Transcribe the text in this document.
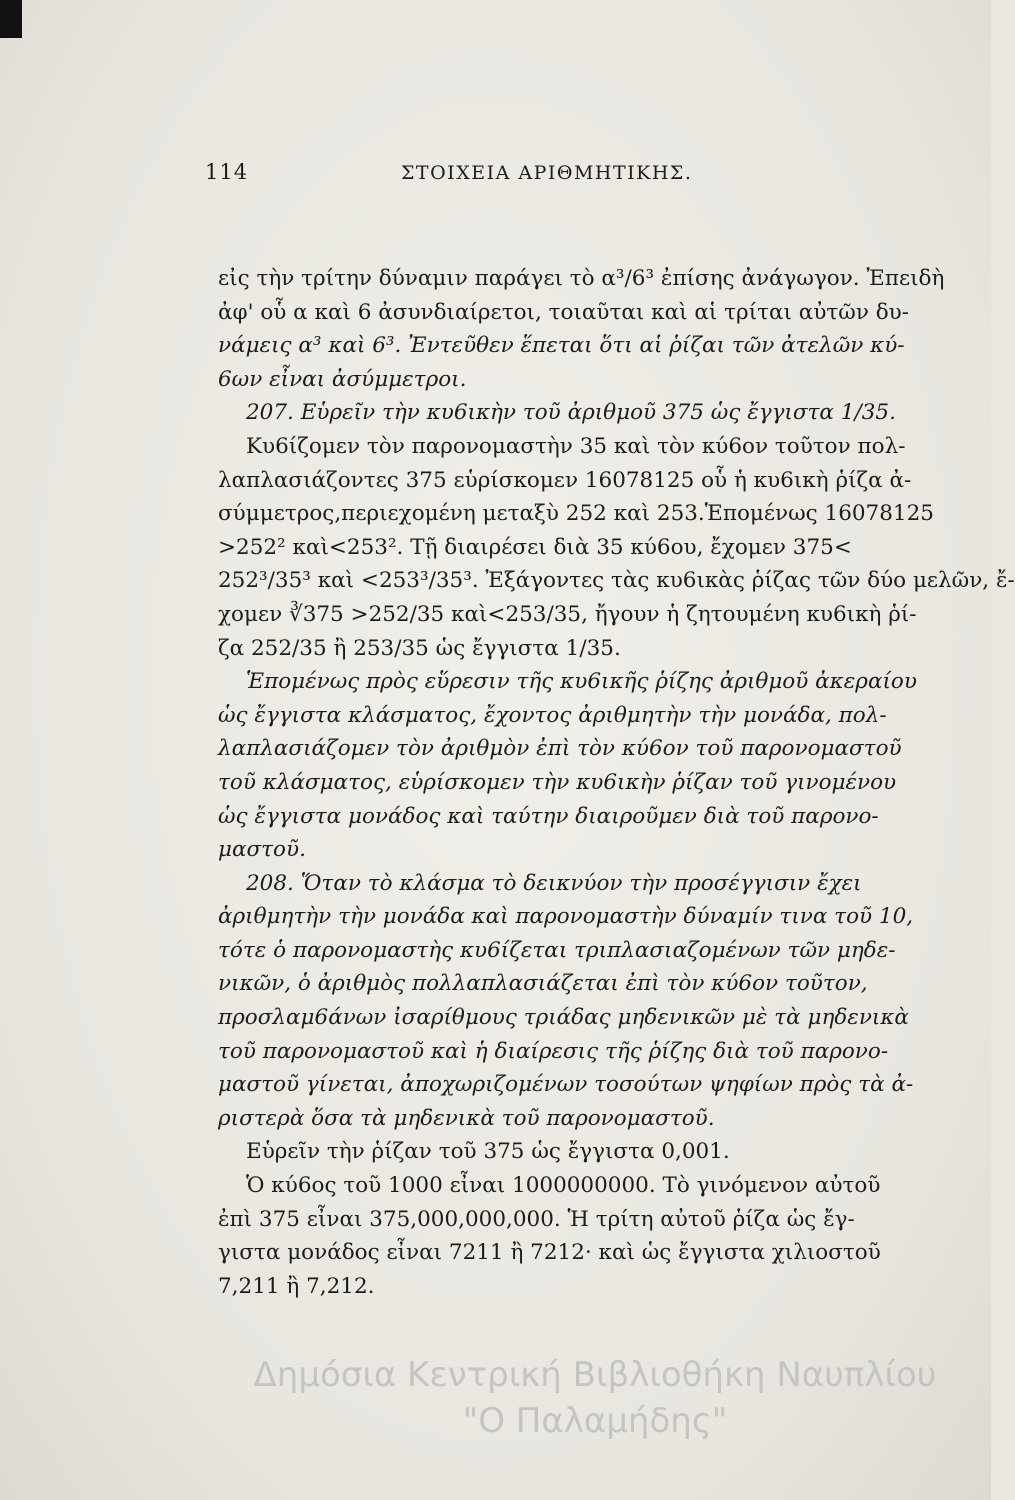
114	ΣΤΟΙΧΕΙΑ ΑΡΙΘΜΗΤΙΚΗΣ.
εἰς τὴν τρίτην δύναμιν παράγει τὸ α³/6³ ἐπίσης ἀνάγωγον. Ἐπειδὴ
ἀφ' οὗ α καὶ 6 ἀσυνδιαίρετοι, τοιαῦται καὶ αἱ τρίται αὐτῶν δυ-
νάμεις α³ καὶ 6³. Ἐντεῦθεν ἕπεται ὅτι αἱ ῥίζαι τῶν ἀτελῶν κύ-
6ων εἶναι ἀσύμμετροι.
207. Εὑρεῖν τὴν κυ6ικὴν τοῦ ἀριθμοῦ 375 ὡς ἔγγιστα 1/35.
Κυ6ίζομεν τὸν παρονομαστὴν 35 καὶ τὸν κύ6ον τοῦτον πολ-
λαπλασιάζοντες 375 εὑρίσκομεν 16078125 οὗ ἡ κυ6ικὴ ῥίζα ἀ-
σύμμετρος,περιεχομένη μεταξὺ 252 καὶ 253.Ἑπομένως 16078125
>252² καὶ<253². Τῇ διαιρέσει διὰ 35 κύ6ου, ἔχομεν 375<
252³/35³ καὶ <253³/35³. Ἐξάγοντες τὰς κυ6ικὰς ῥίζας τῶν δύο μελῶν, ἔ-
χομεν ∛375 >252/35 καὶ<253/35, ἤγουν ἡ ζητουμένη κυ6ικὴ ῥί-
ζα 252/35 ἢ 253/35 ὡς ἔγγιστα 1/35.
Ἑπομένως πρὸς εὕρεσιν τῆς κυ6ικῆς ῥίζης ἀριθμοῦ ἀκεραίου
ὡς ἔγγιστα κλάσματος, ἔχοντος ἀριθμητὴν τὴν μονάδα, πολ-
λαπλασιάζομεν τὸν ἀριθμὸν ἐπὶ τὸν κύ6ον τοῦ παρονομαστοῦ
τοῦ κλάσματος, εὑρίσκομεν τὴν κυ6ικὴν ῥίζαν τοῦ γινομένου
ὡς ἔγγιστα μονάδος καὶ ταύτην διαιροῦμεν διὰ τοῦ παρονο-
μαστοῦ.
208. Ὅταν τὸ κλάσμα τὸ δεικνύον τὴν προσέγγισιν ἔχει
ἀριθμητὴν τὴν μονάδα καὶ παρονομαστὴν δύναμίν τινα τοῦ 10,
τότε ὁ παρονομαστὴς κυ6ίζεται τριπλασιαζομένων τῶν μηδε-
νικῶν, ὁ ἀριθμὸς πολλαπλασιάζεται ἐπὶ τὸν κύ6ον τοῦτον,
προσλαμ6άνων ἰσαρίθμους τριάδας μηδενικῶν μὲ τὰ μηδενικὰ
τοῦ παρονομαστοῦ καὶ ἡ διαίρεσις τῆς ῥίζης διὰ τοῦ παρονο-
μαστοῦ γίνεται, ἀποχωριζομένων τοσούτων ψηφίων πρὸς τὰ ἀ-
ριστερὰ ὅσα τὰ μηδενικὰ τοῦ παρονομαστοῦ.
Εὑρεῖν τὴν ῥίζαν τοῦ 375 ὡς ἔγγιστα 0,001.
Ὁ κύ6ος τοῦ 1000 εἶναι 1000000000. Τὸ γινόμενον αὐτοῦ
ἐπὶ 375 εἶναι 375,000,000,000. Ἡ τρίτη αὐτοῦ ῥίζα ὡς ἔγ-
γιστα μονάδος εἶναι 7211 ἢ 7212· καὶ ὡς ἔγγιστα χιλιοστοῦ
7,211 ἢ 7,212.
Δημόσια Κεντρική Βιβλιοθήκη Ναυπλίου
"Ο Παλαμήδης"
